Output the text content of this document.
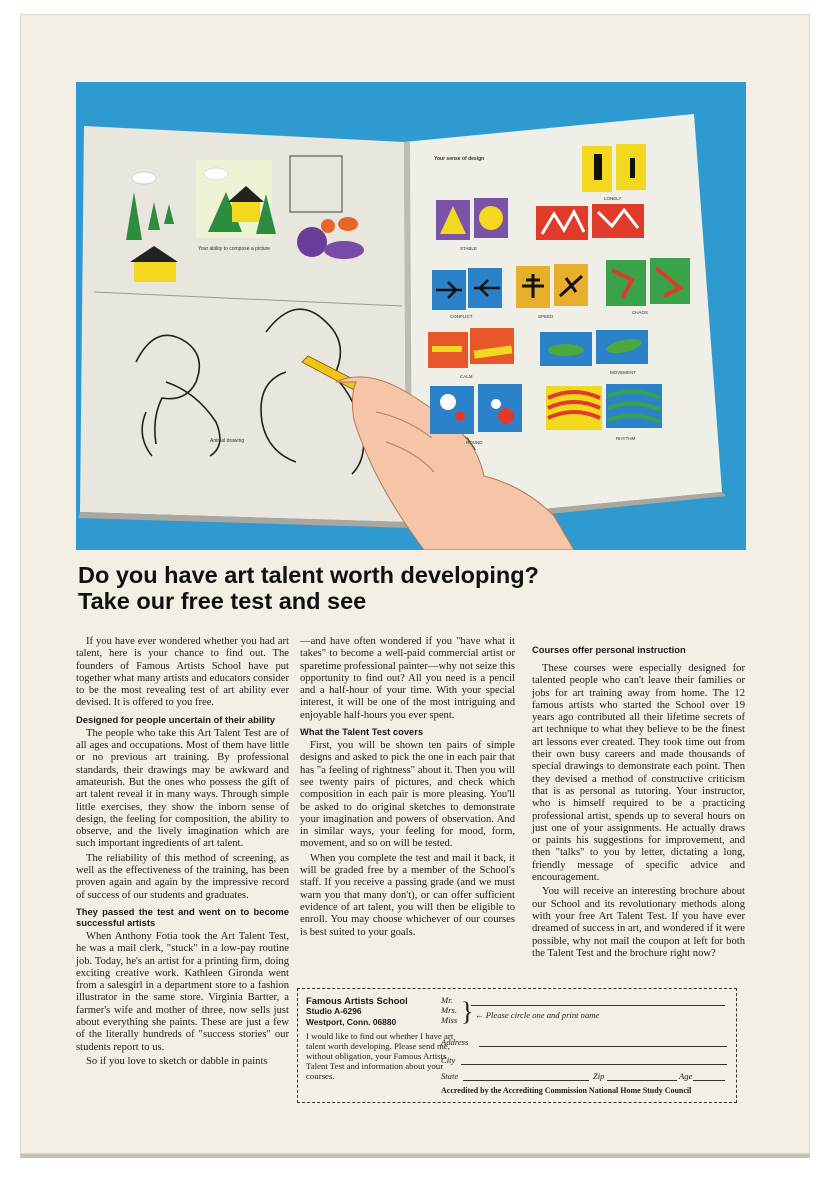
Your ability to compose a picture
Animal drawing
Your sense of design
LONELY
STABLE
CONFLICT	SPEED
CHAOS
CALM
MOVEMENT
ROUND
RHYTHM
Do you have art talent worth developing?
Take our free test and see

If you have ever wondered whether you had art talent, here is your chance to find out. The founders of Famous Artists School have put together what many artists and educators consider to be the most revealing test of art ability ever devised. It is offered to you free.

Designed for people uncertain of their ability

The people who take this Art Talent Test are of all ages and occupations. Most of them have little or no previous art training. By professional standards, their drawings may be awkward and amateurish. But the ones who possess the gift of art talent reveal it in many ways. Through simple little exercises, they show the inborn sense of design, the feeling for composition, the ability to observe, and the lively imagination which are such important ingredients of art talent.

The reliability of this method of screening, as well as the effectiveness of the training, has been proven again and again by the impressive record of success of our students and graduates.

They passed the test and went on to become successful artists

When Anthony Fotia took the Art Talent Test, he was a mail clerk, "stuck" in a low-pay routine job. Today, he's an artist for a printing firm, doing exciting creative work. Kathleen Gironda went from a salesgirl in a department store to a fashion illustrator in the same store. Virginia Bartter, a farmer's wife and mother of three, now sells just about everything she paints. These are just a few of the literally hundreds of "success stories" our students report to us.

So if you love to sketch or dabble in paints

—and have often wondered if you "have what it takes" to become a well-paid commercial artist or sparetime professional painter—why not seize this opportunity to find out? All you need is a pencil and a half-hour of your time. With your special interest, it will be one of the most intriguing and enjoyable half-hours you ever spent.

What the Talent Test covers

First, you will be shown ten pairs of simple designs and asked to pick the one in each pair that has "a feeling of rightness" about it. Then you will see twenty pairs of pictures, and check which composition in each pair is more pleasing. You'll be asked to do original sketches to demonstrate your imagination and powers of observation. And in similar ways, your feeling for mood, form, movement, and so on will be tested.

When you complete the test and mail it back, it will be graded free by a member of the School's staff. If you receive a passing grade (and we must warn you that many don't), or can offer sufficient evidence of art talent, you will then be eligible to enroll. You may choose whichever of our courses is best suited to your goals.

Courses offer personal instruction

These courses were especially designed for talented people who can't leave their families or jobs for art training away from home. The 12 famous artists who started the School over 19 years ago contributed all their lifetime secrets of art technique to what they believe to be the finest art lessons ever created. They took time out from their own busy careers and made thousands of special drawings to demonstrate each point. Then they devised a method of constructive criticism that is as personal as tutoring. Your instructor, who is himself required to be a practicing professional artist, spends up to several hours on just one of your assignments. He actually draws or paints his suggestions for improvement, and then "talks" to you by letter, dictating a long, friendly message of specific advice and encouragement.

You will receive an interesting brochure about our School and its revolutionary methods along with your free Art Talent Test. If you have ever dreamed of success in art, and wondered if it were possible, why not mail the coupon at left for both the Talent Test and the brochure right now?

Famous Artists School
Studio A-6296
Westport, Conn. 06880
I would like to find out whether I have art talent worth developing. Please send me, without obligation, your Famous Artists Talent Test and information about your courses.
Mr.
Mrs.
Miss } ← Please circle one and print name
Address
City
State	Zip	Age
Accredited by the Accrediting Commission National Home Study Council
